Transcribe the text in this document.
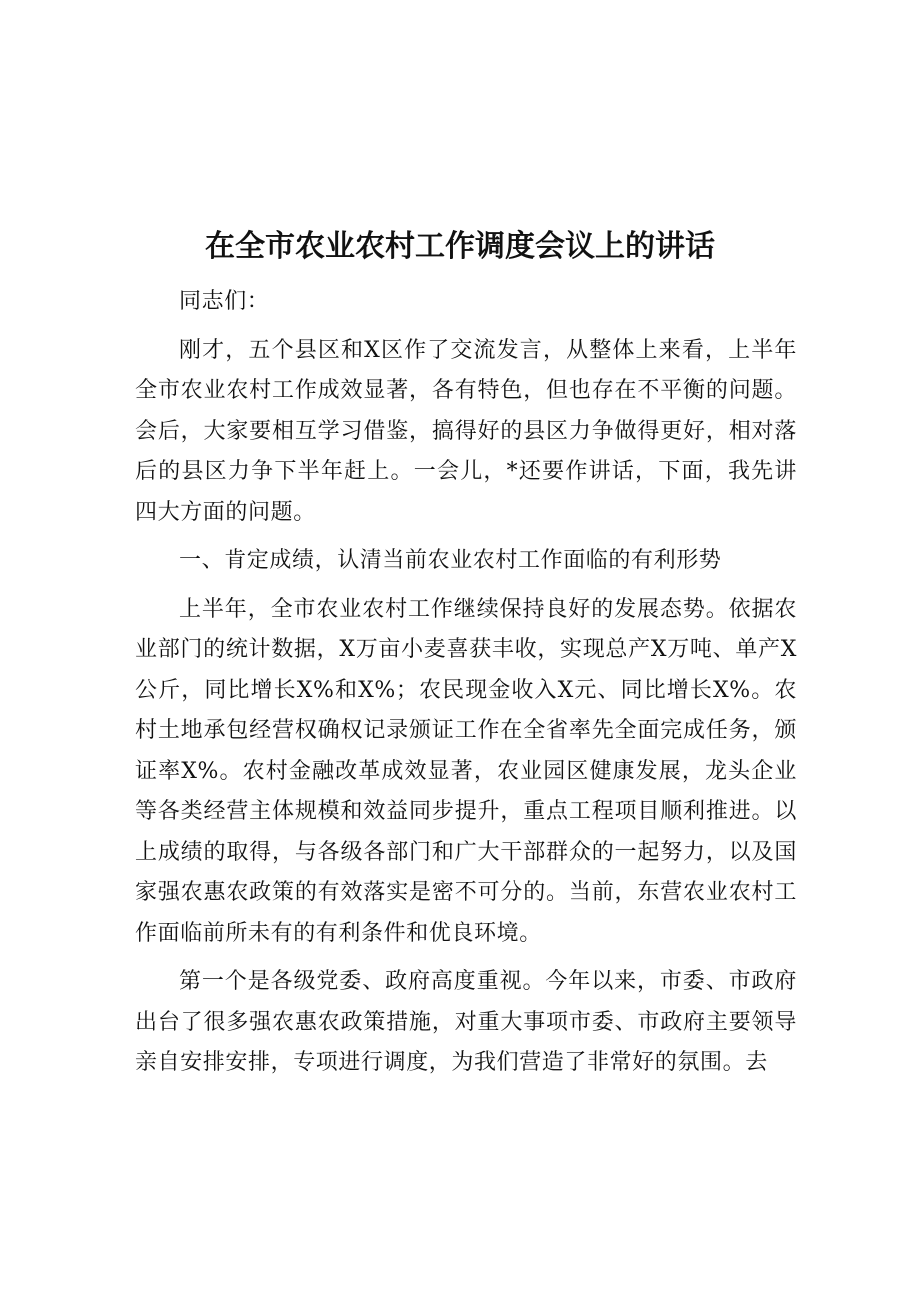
在全市农业农村工作调度会议上的讲话

同志们：

刚才，五个县区和X区作了交流发言，从整体上来看，上半年全市农业农村工作成效显著，各有特色，但也存在不平衡的问题。会后，大家要相互学习借鉴，搞得好的县区力争做得更好，相对落后的县区力争下半年赶上。一会儿，*还要作讲话，下面，我先讲四大方面的问题。

一、肯定成绩，认清当前农业农村工作面临的有利形势

上半年，全市农业农村工作继续保持良好的发展态势。依据农业部门的统计数据，X万亩小麦喜获丰收，实现总产X万吨、单产X公斤，同比增长X%和X%；农民现金收入X元、同比增长X%。农村土地承包经营权确权记录颁证工作在全省率先全面完成任务，颁证率X%。农村金融改革成效显著，农业园区健康发展，龙头企业等各类经营主体规模和效益同步提升，重点工程项目顺利推进。以上成绩的取得，与各级各部门和广大干部群众的一起努力，以及国家强农惠农政策的有效落实是密不可分的。当前，东营农业农村工作面临前所未有的有利条件和优良环境。

第一个是各级党委、政府高度重视。今年以来，市委、市政府出台了很多强农惠农政策措施，对重大事项市委、市政府主要领导亲自安排安排，专项进行调度，为我们营造了非常好的氛围。去
